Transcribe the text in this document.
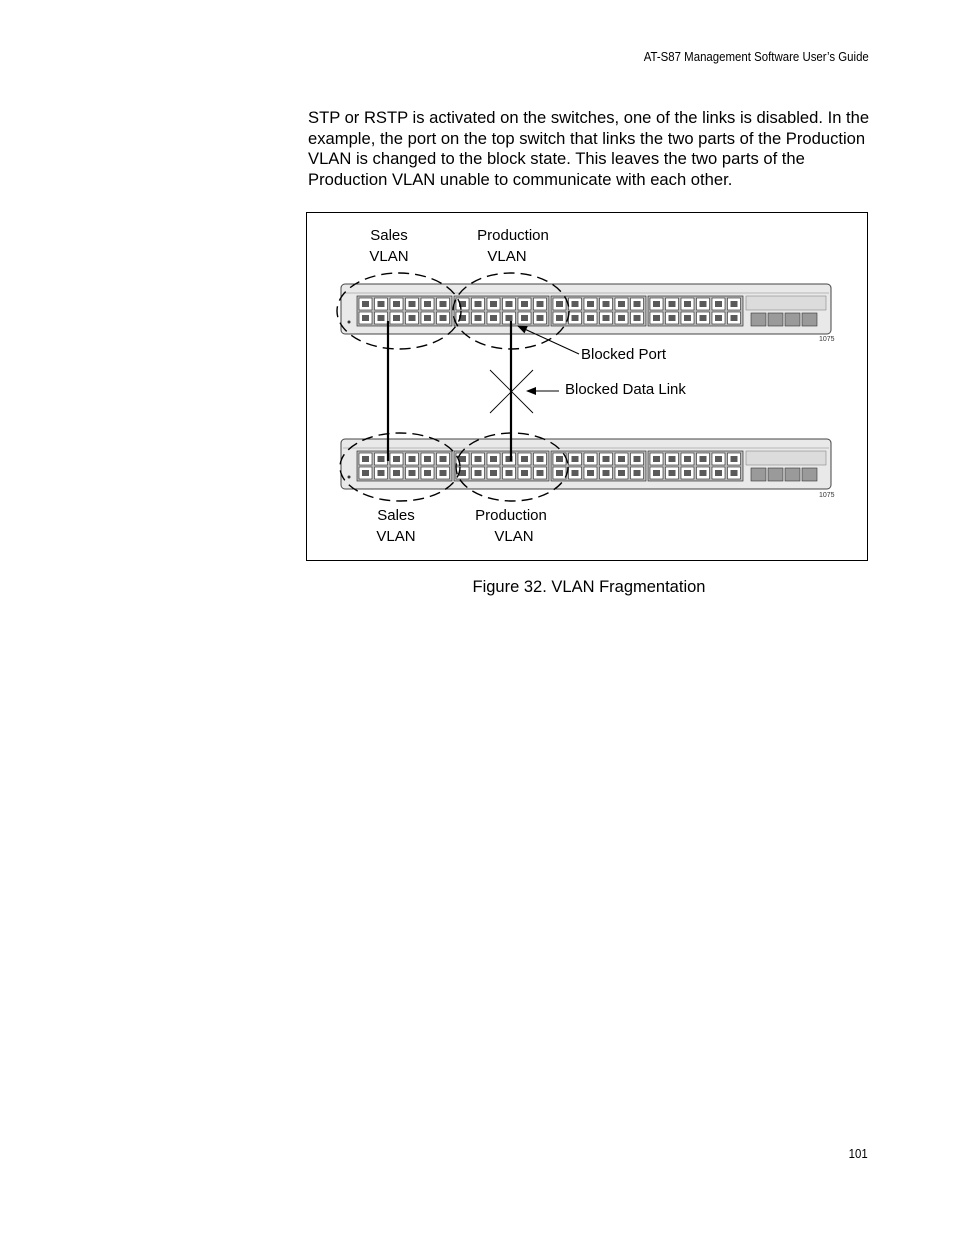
AT-S87 Management Software User’s Guide

STP or RSTP is activated on the switches, one of the links is disabled. In the example, the port on the top switch that links the two parts of the Production VLAN is changed to the block state. This leaves the two parts of the Production VLAN unable to communicate with each other.

Sales
VLAN
Production
VLAN
Blocked Port
Blocked Data Link
1075
1075
Sales
VLAN
Production
VLAN
Figure 32. VLAN Fragmentation
101
